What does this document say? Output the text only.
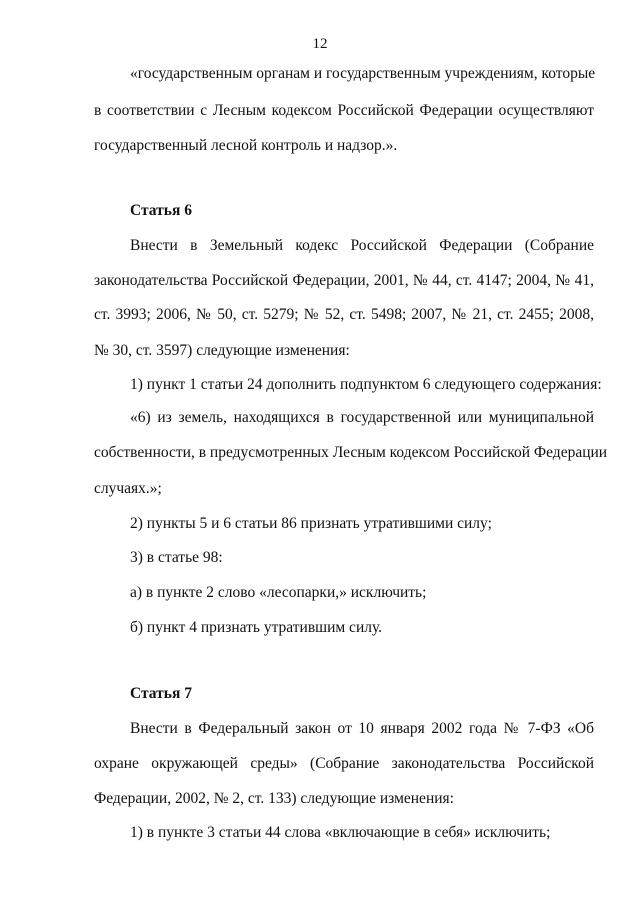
12
«государственным органам и государственным учреждениям, которые
в соответствии с Лесным кодексом Российской Федерации осуществляют
государственный лесной контроль и надзор.».
Статья 6
Внести в Земельный кодекс Российской Федерации (Собрание
законодательства Российской Федерации, 2001, № 44, ст. 4147; 2004, № 41,
ст. 3993; 2006, № 50, ст. 5279; № 52, ст. 5498; 2007, № 21, ст. 2455; 2008,
№ 30, ст. 3597) следующие изменения:
1) пункт 1 статьи 24 дополнить подпунктом 6 следующего содержания:
«6) из земель, находящихся в государственной или муниципальной
собственности, в предусмотренных Лесным кодексом Российской Федерации
случаях.»;
2) пункты 5 и 6 статьи 86 признать утратившими силу;
3) в статье 98:
а) в пункте 2 слово «лесопарки,» исключить;
б) пункт 4 признать утратившим силу.
Статья 7
Внести в Федеральный закон от 10 января 2002 года № 7-ФЗ «Об
охране окружающей среды» (Собрание законодательства Российской
Федерации, 2002, № 2, ст. 133) следующие изменения:
1) в пункте 3 статьи 44 слова «включающие в себя» исключить;
